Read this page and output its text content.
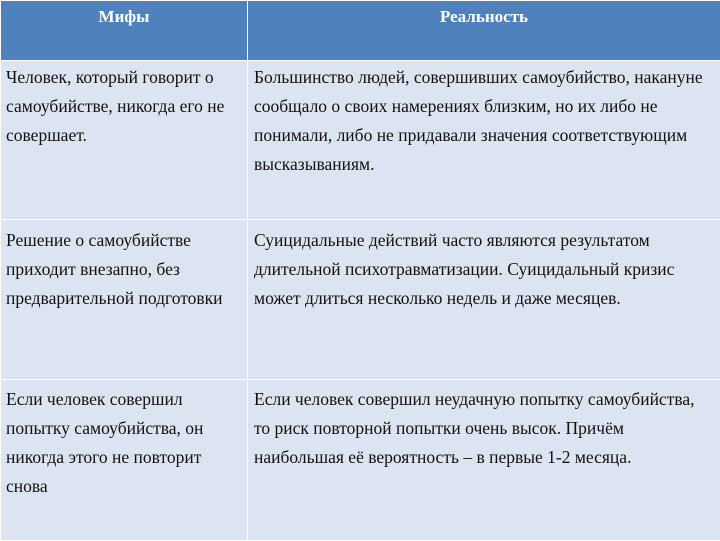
Мифы	Реальность
Человек, который говорит о самоубийстве, никогда его не совершает.	Большинство людей, совершивших самоубийство, накануне сообщало о своих намерениях близким, но их либо не понимали, либо не придавали значения соответствующим высказываниям.
Решение о самоубийстве приходит внезапно, без предварительной подготовки	Суицидальные действий часто являются результатом длительной психотравматизации. Суицидальный кризис может длиться несколько недель и даже месяцев.
Если человек совершил попытку самоубийства, он никогда этого не повторит снова	Если человек совершил неудачную попытку самоубийства, то риск повторной попытки очень высок. Причём наибольшая её вероятность – в первые 1-2 месяца.
